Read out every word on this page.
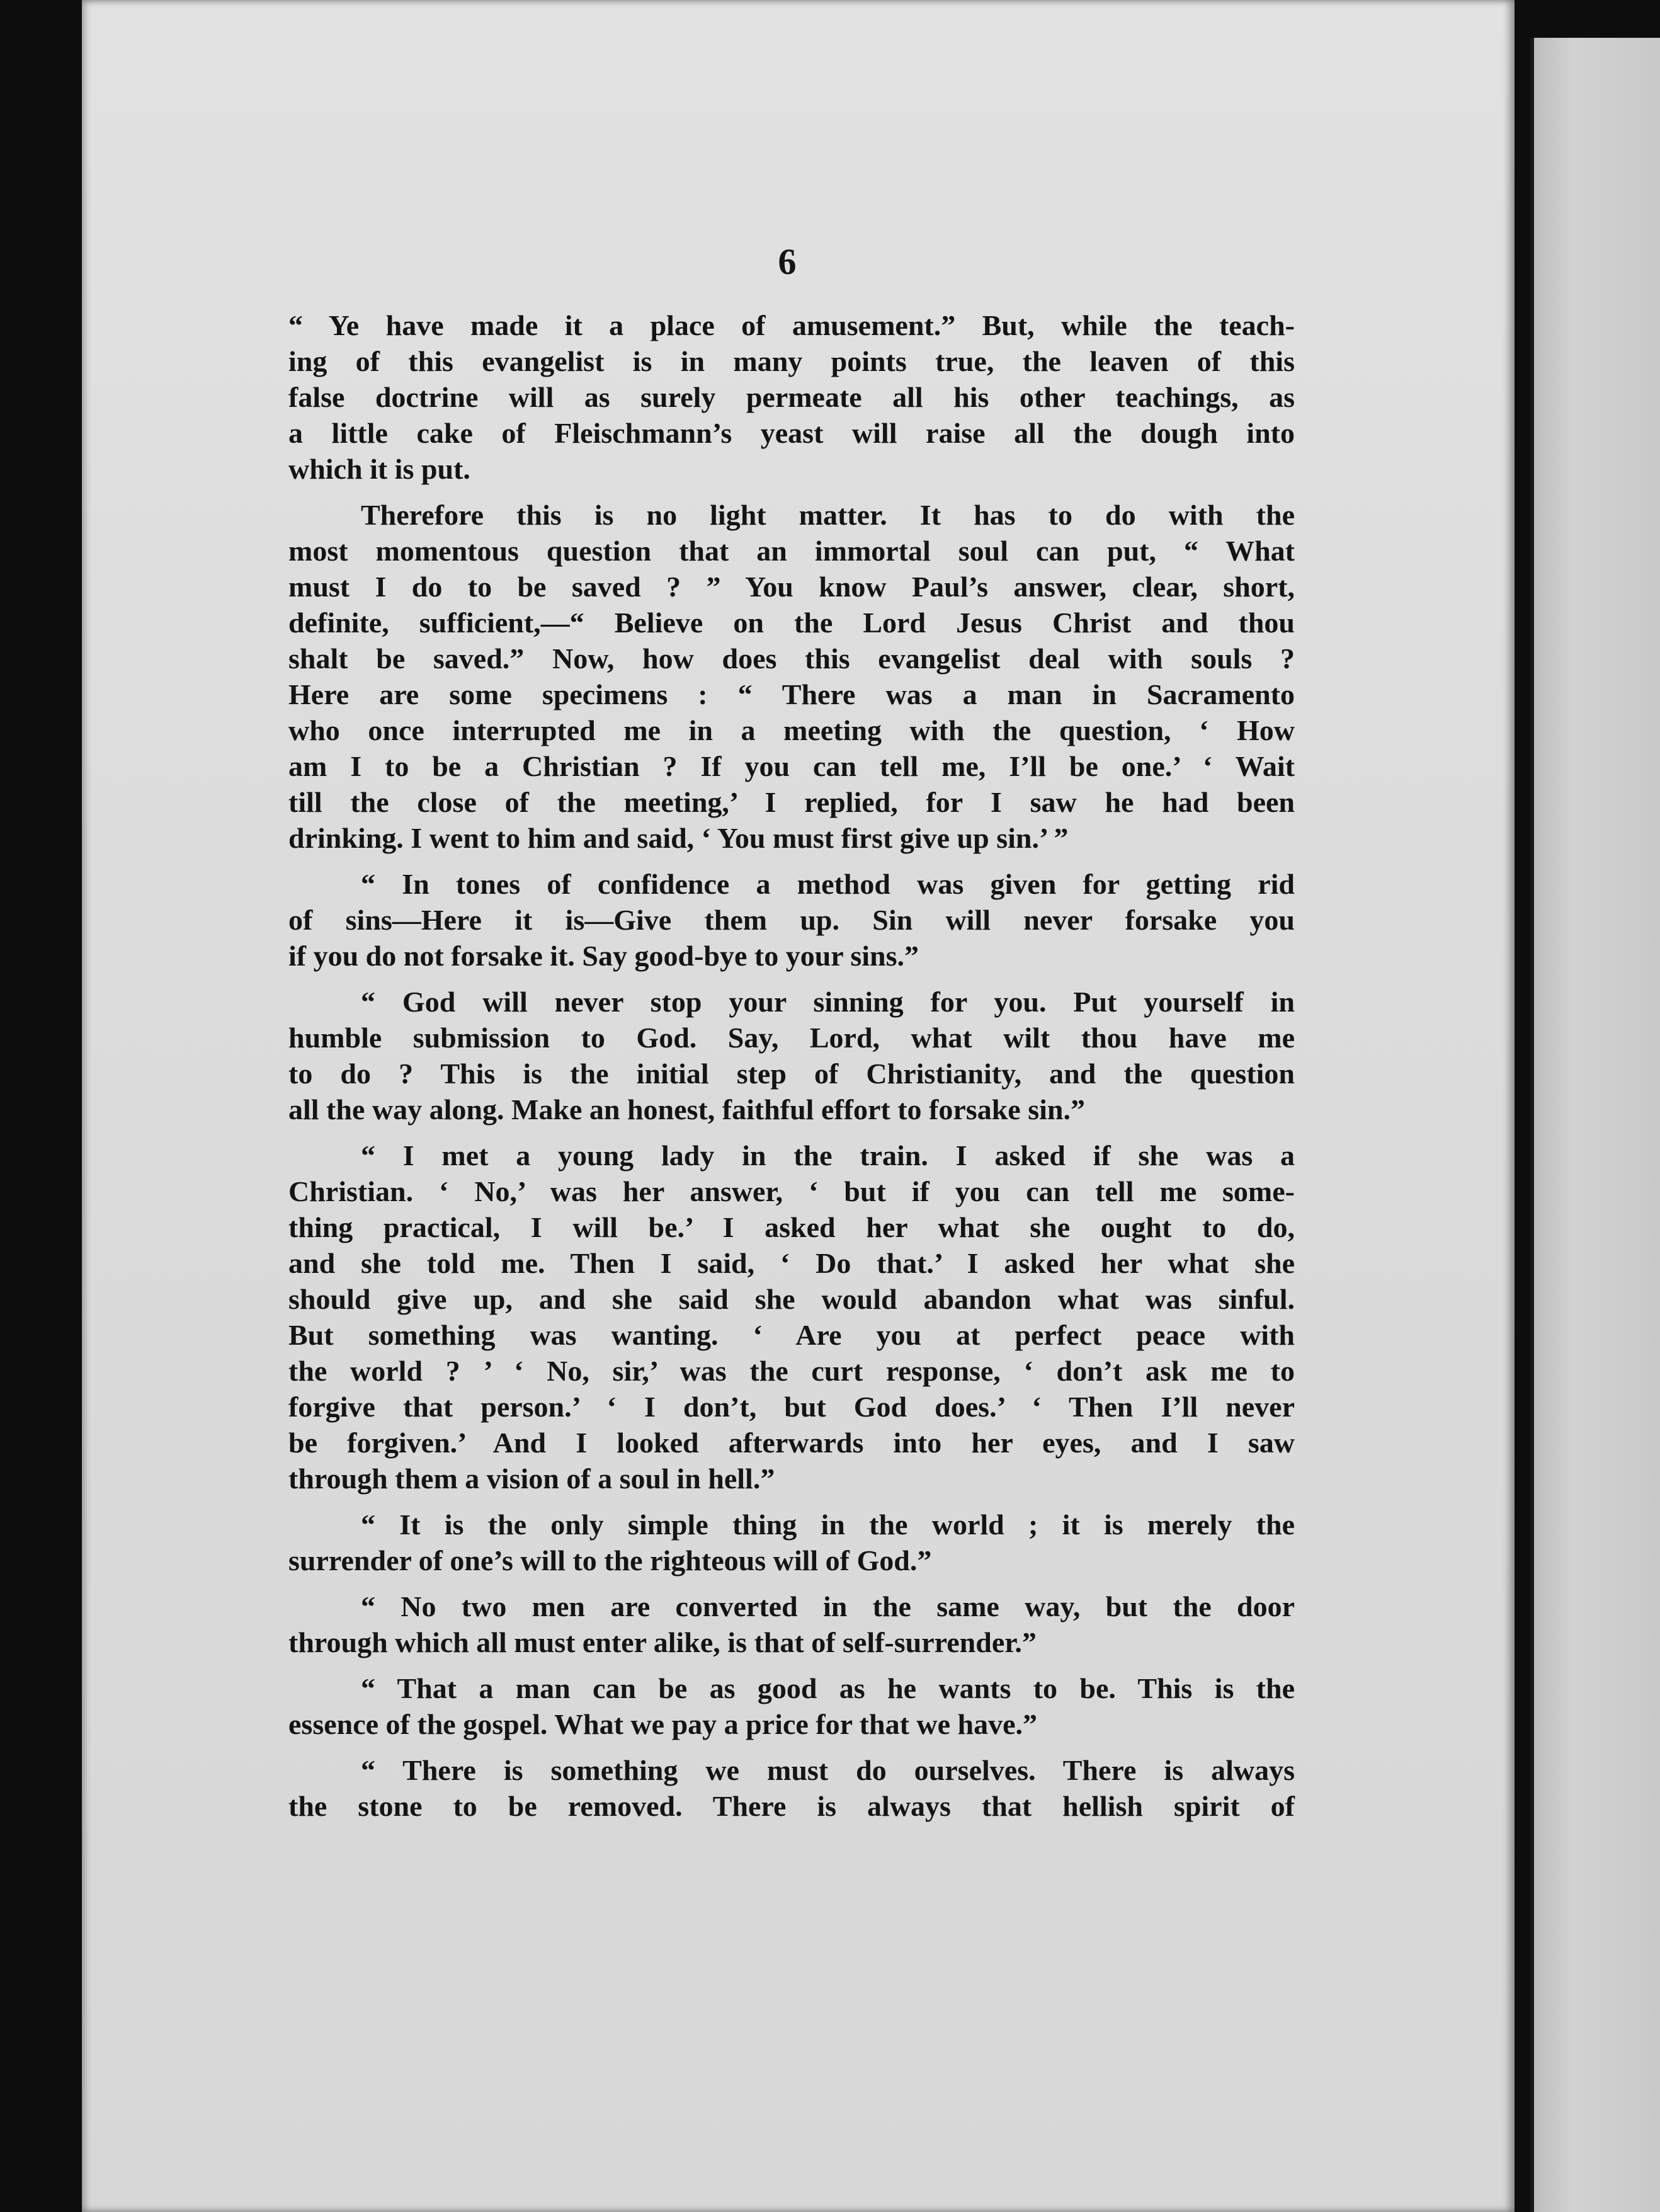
6

“ Ye have made it a place of amusement.” But, while the teach-
ing of this evangelist is in many points true, the leaven of this
false doctrine will as surely permeate all his other teachings, as
a little cake of Fleischmann’s yeast will raise all the dough into
which it is put.

Therefore this is no light matter. It has to do with the
most momentous question that an immortal soul can put, “ What
must I do to be saved ? ” You know Paul’s answer, clear, short,
definite, sufficient,—“ Believe on the Lord Jesus Christ and thou
shalt be saved.” Now, how does this evangelist deal with souls ?
Here are some specimens : “ There was a man in Sacramento
who once interrupted me in a meeting with the question, ‘ How
am I to be a Christian ? If you can tell me, I’ll be one.’ ‘ Wait
till the close of the meeting,’ I replied, for I saw he had been
drinking. I went to him and said, ‘ You must first give up sin.’ ”

“ In tones of confidence a method was given for getting rid
of sins—Here it is—Give them up. Sin will never forsake you
if you do not forsake it. Say good-bye to your sins.”

“ God will never stop your sinning for you. Put yourself in
humble submission to God. Say, Lord, what wilt thou have me
to do ? This is the initial step of Christianity, and the question
all the way along. Make an honest, faithful effort to forsake sin.”

“ I met a young lady in the train. I asked if she was a
Christian. ‘ No,’ was her answer, ‘ but if you can tell me some-
thing practical, I will be.’ I asked her what she ought to do,
and she told me. Then I said, ‘ Do that.’ I asked her what she
should give up, and she said she would abandon what was sinful.
But something was wanting. ‘ Are you at perfect peace with
the world ? ’ ‘ No, sir,’ was the curt response, ‘ don’t ask me to
forgive that person.’ ‘ I don’t, but God does.’ ‘ Then I’ll never
be forgiven.’ And I looked afterwards into her eyes, and I saw
through them a vision of a soul in hell.”

“ It is the only simple thing in the world ; it is merely the
surrender of one’s will to the righteous will of God.”

“ No two men are converted in the same way, but the door
through which all must enter alike, is that of self-surrender.”

“ That a man can be as good as he wants to be. This is the
essence of the gospel. What we pay a price for that we have.”

“ There is something we must do ourselves. There is always
the stone to be removed. There is always that hellish spirit of
